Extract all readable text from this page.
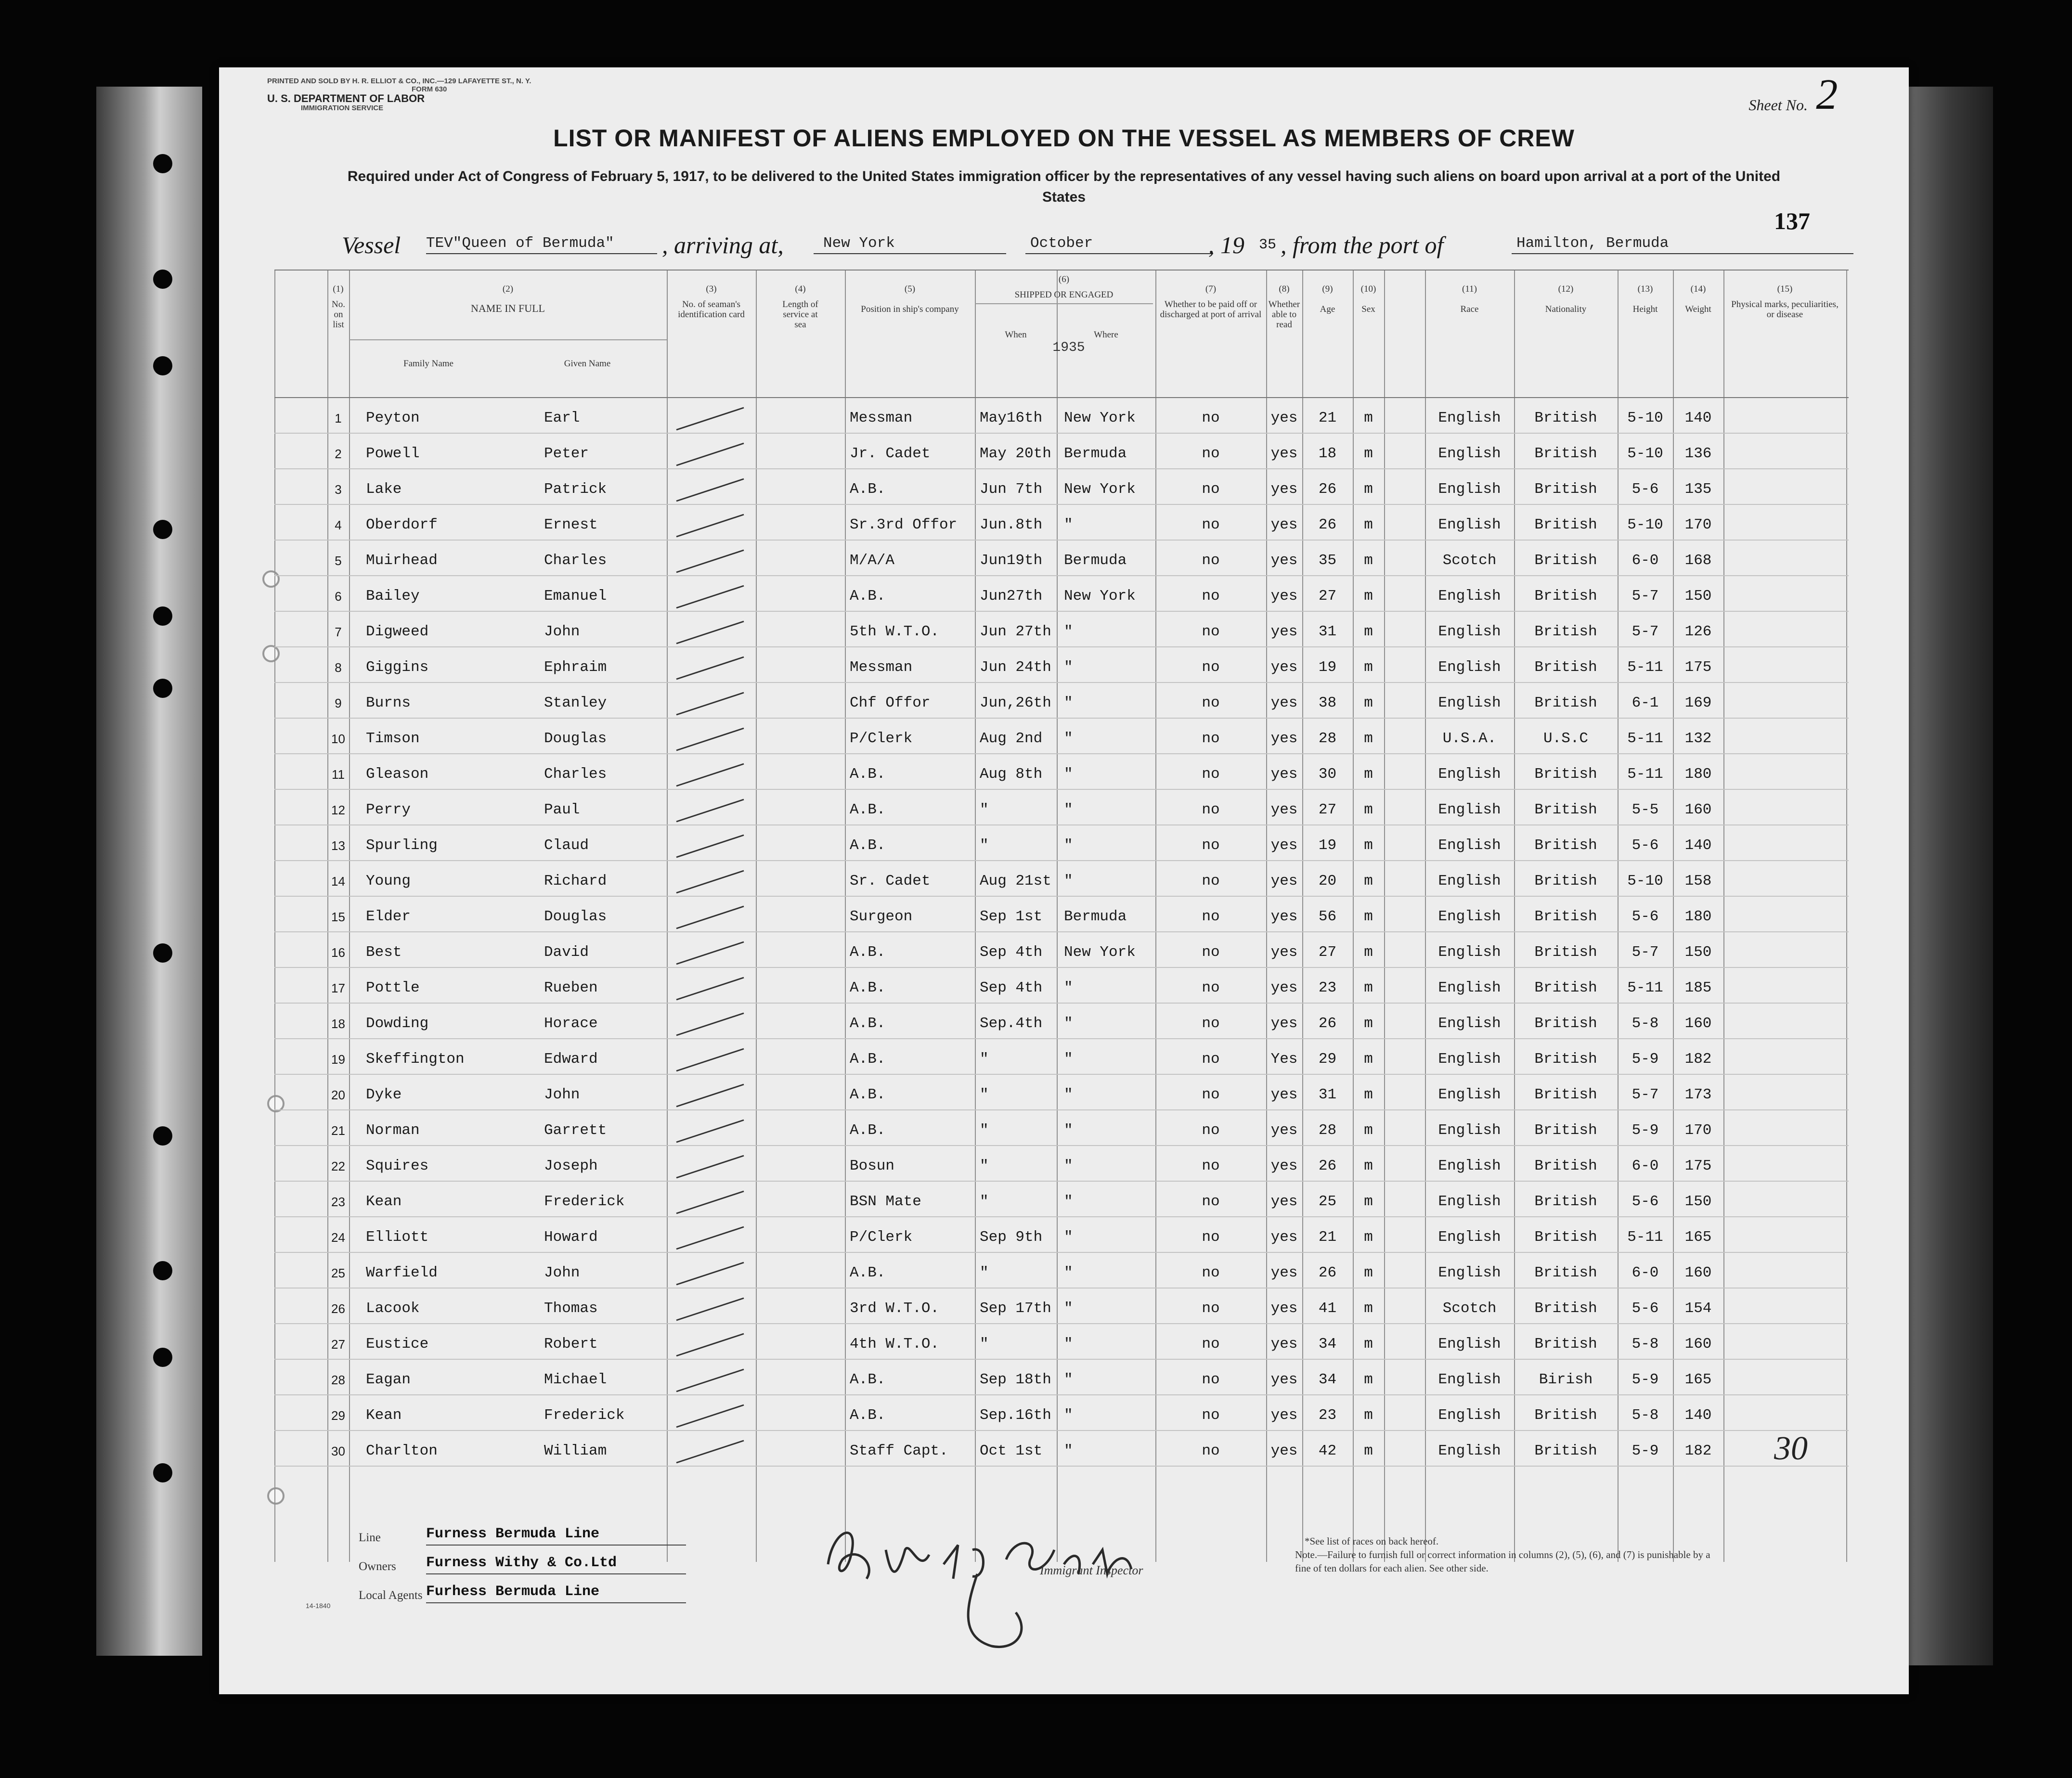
PRINTED AND SOLD BY H. R. ELLIOT & CO., INC.—129 LAFAYETTE ST., N. Y.
FORM 630
U. S. DEPARTMENT OF LABOR
IMMIGRATION SERVICE	Sheet No. 2
LIST OR MANIFEST OF ALIENS EMPLOYED ON THE VESSEL AS MEMBERS OF CREW
Required under Act of Congress of February 5, 1917, to be delivered to the United States immigration officer by the representatives of any vessel having such aliens on board upon arrival at a port of the United States
137
Vessel TEV"Queen of Bermuda"	, arriving at,	New York	October	, 19 35 , from the port of	Hamilton, Bermuda
(1)
No. on list
(2)
NAME IN FULL
Family Name	Given Name
(3)
No. of seaman's identification card
(4)
Length of service at sea
(5)
Position in ship's company
(6)
SHIPPED OR ENGAGED
When	Where
1935
(7)
Whether to be paid off or discharged at port of arrival
(8)
Whether able to read
(9)
Age
(10)
Sex
(11)
Race
(12)
Nationality
(13)
Height
(14)
Weight
(15)
Physical marks, peculiarities, or disease
1	Peyton	Earl	Messman	May16th	New York	no	yes	21	m	English	British	5-10	140
2	Powell	Peter	Jr. Cadet	May 20th Bermuda	no	yes	18	m	English	British	5-10	136
3	Lake	Patrick	A.B.	Jun 7th	New York	no	yes	26	m	English	British	5-6	135
4	Oberdorf	Ernest	Sr.3rd Offor	Jun.8th	"	no	yes	26	m	English	British	5-10	170
5	Muirhead	Charles	M/A/A	Jun19th	Bermuda	no	yes	35	m	Scotch	British	6-0	168
6	Bailey	Emanuel	A.B.	Jun27th	New York	no	yes	27	m	English	British	5-7	150
7	Digweed	John	5th W.T.O.	Jun 27th "	no	yes	31	m	English	British	5-7	126
8	Giggins	Ephraim	Messman	Jun 24th "	no	yes	19	m	English	British	5-11	175
9	Burns	Stanley	Chf Offor	Jun,26th "	no	yes	38	m	English	British	6-1	169
10 Timson	Douglas	P/Clerk	Aug 2nd	"	no	yes	28	m	U.S.A.	U.S.C	5-11	132
11 Gleason	Charles	A.B.	Aug 8th	"	no	yes	30	m	English	British	5-11	180
12 Perry	Paul	A.B.	"	"	no	yes	27	m	English	British	5-5	160
13 Spurling	Claud	A.B.	"	"	no	yes	19	m	English	British	5-6	140
14 Young	Richard	Sr. Cadet	Aug 21st "	no	yes	20	m	English	British	5-10	158
15 Elder	Douglas	Surgeon	Sep 1st	Bermuda	no	yes	56	m	English	British	5-6	180
16 Best	David	A.B.	Sep 4th	New York	no	yes	27	m	English	British	5-7	150
17 Pottle	Rueben	A.B.	Sep 4th	"	no	yes	23	m	English	British	5-11	185
18 Dowding	Horace	A.B.	Sep.4th	"	no	yes	26	m	English	British	5-8	160
19 Skeffington	Edward	A.B.	"	"	no	Yes	29	m	English	British	5-9	182
20 Dyke	John	A.B.	"	"	no	yes	31	m	English	British	5-7	173
21 Norman	Garrett	A.B.	"	"	no	yes	28	m	English	British	5-9	170
22 Squires	Joseph	Bosun	"	"	no	yes	26	m	English	British	6-0	175
23 Kean	Frederick	BSN Mate	"	"	no	yes	25	m	English	British	5-6	150
24 Elliott	Howard	P/Clerk	Sep 9th	"	no	yes	21	m	English	British	5-11	165
25 Warfield	John	A.B.	"	"	no	yes	26	m	English	British	6-0	160
26 Lacook	Thomas	3rd W.T.O.	Sep 17th "	no	yes	41	m	Scotch	British	5-6	154
27 Eustice	Robert	4th W.T.O.	"	"	no	yes	34	m	English	British	5-8	160
28 Eagan	Michael	A.B.	Sep 18th "	no	yes	34	m	English	Birish	5-9	165
29 Kean	Frederick	A.B.	Sep.16th "	no	yes	23	m	English	British	5-8	140
30 Charlton	William	Staff Capt.	Oct 1st	"	no	yes	42	m	English	British	5-9	182
Line	Furness Bermuda Line
Owners Furness Withy & Co.Ltd
Local Agents Furhess Bermuda Line
14-1840
Immigrant Inspector
*See list of races on back hereof.
Note.—Failure to furnish full or correct information in columns (2), (5), (6), and (7) is punishable by a fine of ten dollars for each alien. See other side.
30
